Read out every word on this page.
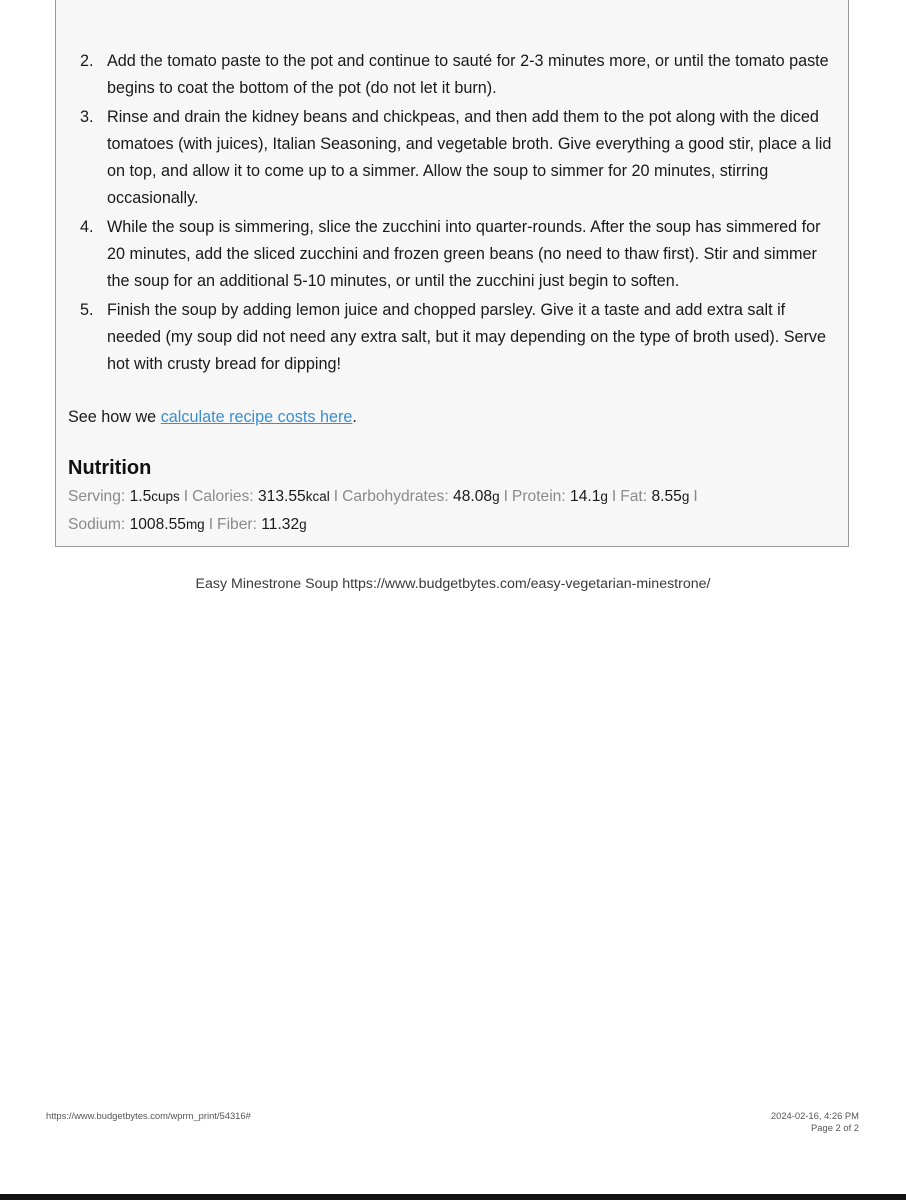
2. Add the tomato paste to the pot and continue to sauté for 2-3 minutes more, or until the tomato paste begins to coat the bottom of the pot (do not let it burn).
3. Rinse and drain the kidney beans and chickpeas, and then add them to the pot along with the diced tomatoes (with juices), Italian Seasoning, and vegetable broth. Give everything a good stir, place a lid on top, and allow it to come up to a simmer. Allow the soup to simmer for 20 minutes, stirring occasionally.
4. While the soup is simmering, slice the zucchini into quarter-rounds. After the soup has simmered for 20 minutes, add the sliced zucchini and frozen green beans (no need to thaw first). Stir and simmer the soup for an additional 5-10 minutes, or until the zucchini just begin to soften.
5. Finish the soup by adding lemon juice and chopped parsley. Give it a taste and add extra salt if needed (my soup did not need any extra salt, but it may depending on the type of broth used). Serve hot with crusty bread for dipping!
See how we calculate recipe costs here.
Nutrition
Serving: 1.5cups I Calories: 313.55kcal I Carbohydrates: 48.08g I Protein: 14.1g I Fat: 8.55g I
Sodium: 1008.55mg I Fiber: 11.32g
Easy Minestrone Soup https://www.budgetbytes.com/easy-vegetarian-minestrone/
https://www.budgetbytes.com/wprm_print/54316#	2024-02-16, 4:26 PM
Page 2 of 2
